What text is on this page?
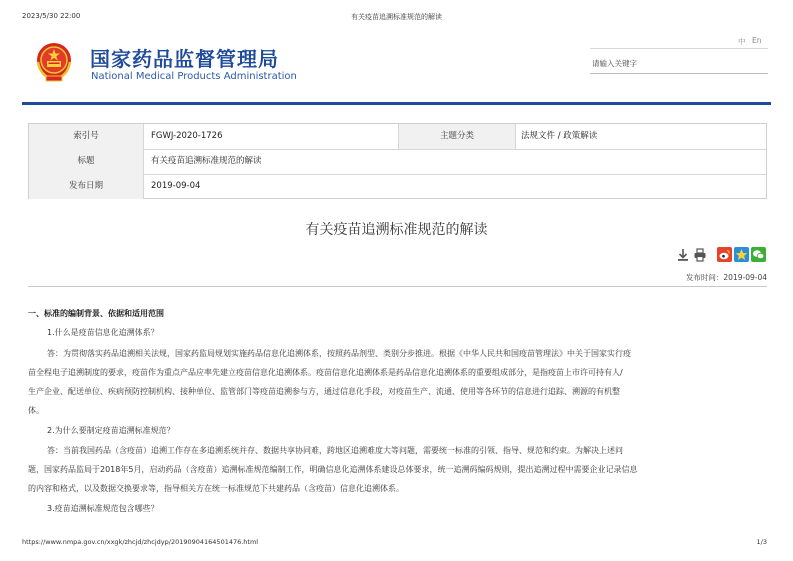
2023/5/30 22:00	有关疫苗追溯标准规范的解读
国家药品监督管理局
National Medical Products Administration
中 En
请输入关键字
索引号	FGWJ-2020-1726	主题分类	法规文件 / 政策解读
标题	有关疫苗追溯标准规范的解读
发布日期	2019-09-04
有关疫苗追溯标准规范的解读
发布时间：2019-09-04
一、标准的编制背景、依据和适用范围
1.什么是疫苗信息化追溯体系？
答：为贯彻落实药品追溯相关法规，国家药监局规划实施药品信息化追溯体系，按照药品剂型、类别分步推进。根据《中华人民共和国疫苗管理法》中关于国家实行疫
苗全程电子追溯制度的要求，疫苗作为重点产品应率先建立疫苗信息化追溯体系。疫苗信息化追溯体系是药品信息化追溯体系的重要组成部分，是指疫苗上市许可持有人/
生产企业、配送单位、疾病预防控制机构、接种单位、监管部门等疫苗追溯参与方，通过信息化手段，对疫苗生产、流通、使用等各环节的信息进行追踪、溯源的有机整
体。
2.为什么要制定疫苗追溯标准规范？
答：当前我国药品（含疫苗）追溯工作存在多追溯系统并存、数据共享协同难，跨地区追溯难度大等问题，需要统一标准的引领、指导、规范和约束。为解决上述问
题，国家药品监局于2018年5月，启动药品（含疫苗）追溯标准规范编制工作，明确信息化追溯体系建设总体要求，统一追溯码编码规则，提出追溯过程中需要企业记录信息
的内容和格式，以及数据交换要求等，指导相关方在统一标准规范下共建药品（含疫苗）信息化追溯体系。
3.疫苗追溯标准规范包含哪些？
https://www.nmpa.gov.cn/xxgk/zhcjd/zhcjdyp/20190904164501476.html	1/3
